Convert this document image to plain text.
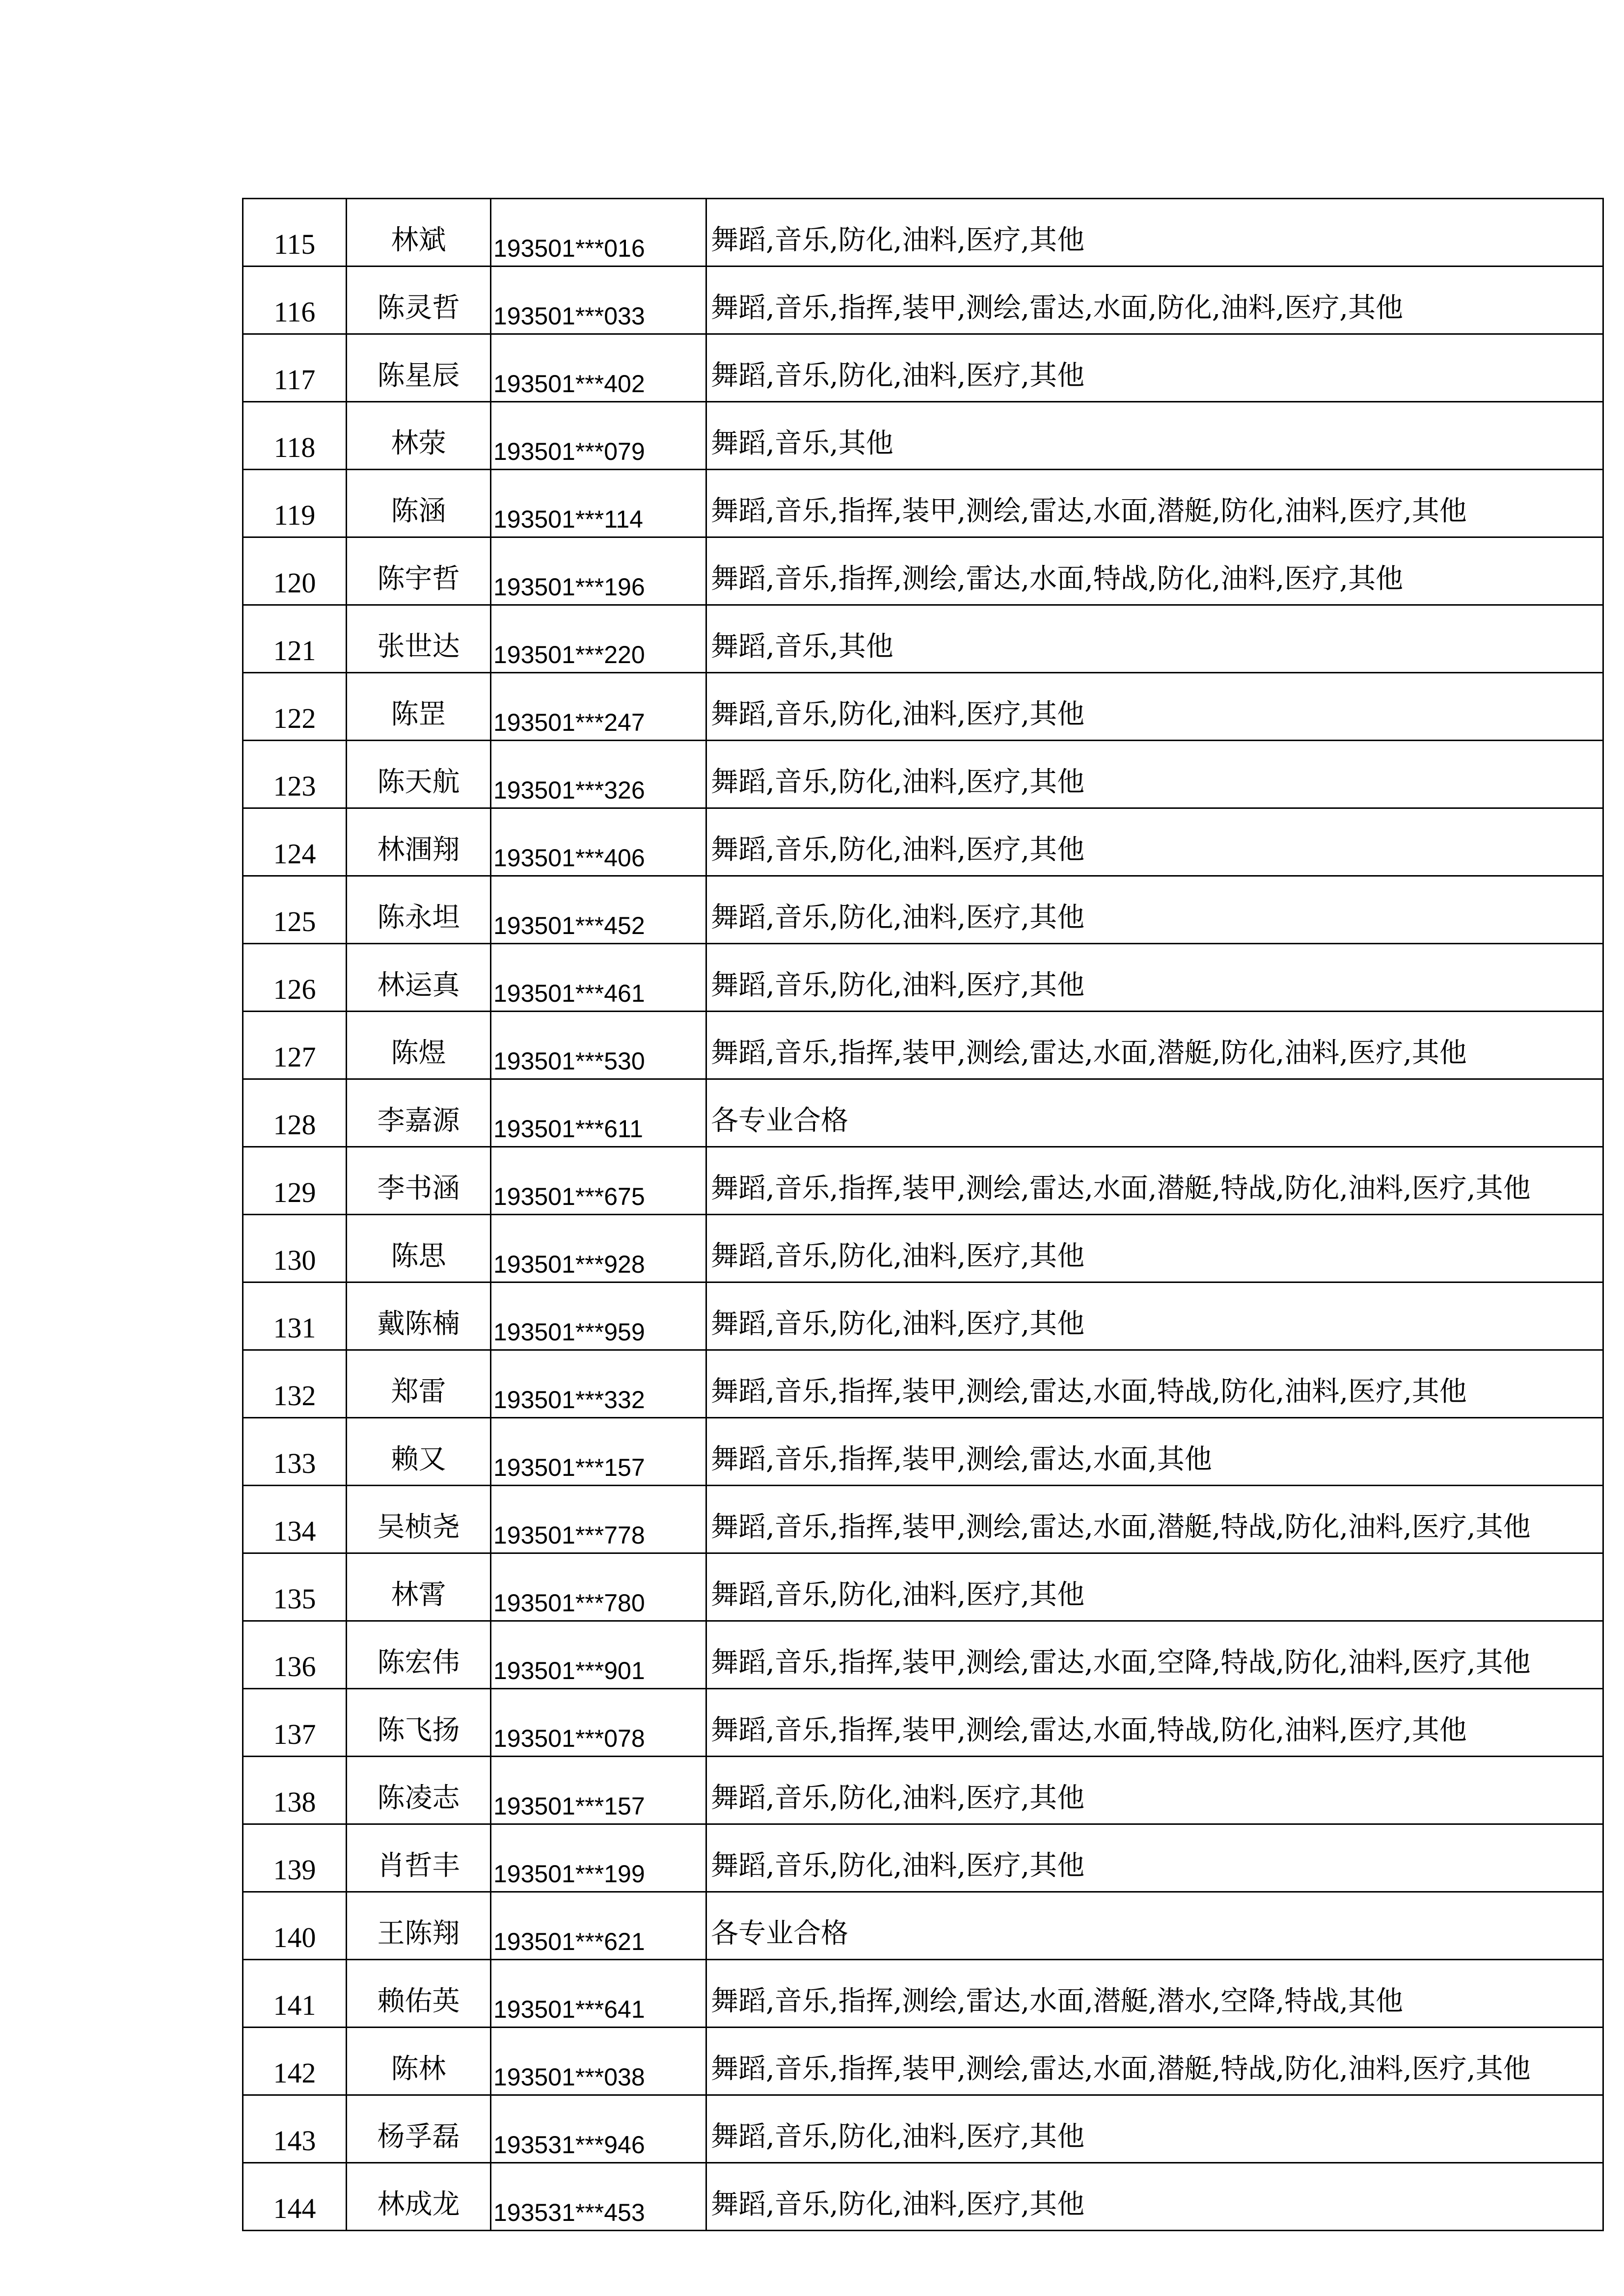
115	林斌	193501***016	舞蹈,音乐,防化,油料,医疗,其他
116	陈灵哲	193501***033	舞蹈,音乐,指挥,装甲,测绘,雷达,水面,防化,油料,医疗,其他
117	陈星辰	193501***402	舞蹈,音乐,防化,油料,医疗,其他
118	林荥	193501***079	舞蹈,音乐,其他
119	陈涵	193501***114	舞蹈,音乐,指挥,装甲,测绘,雷达,水面,潜艇,防化,油料,医疗,其他
120	陈宇哲	193501***196	舞蹈,音乐,指挥,测绘,雷达,水面,特战,防化,油料,医疗,其他
121	张世达	193501***220	舞蹈,音乐,其他
122	陈罡	193501***247	舞蹈,音乐,防化,油料,医疗,其他
123	陈天航	193501***326	舞蹈,音乐,防化,油料,医疗,其他
124	林涠翔	193501***406	舞蹈,音乐,防化,油料,医疗,其他
125	陈永坦	193501***452	舞蹈,音乐,防化,油料,医疗,其他
126	林运真	193501***461	舞蹈,音乐,防化,油料,医疗,其他
127	陈煜	193501***530	舞蹈,音乐,指挥,装甲,测绘,雷达,水面,潜艇,防化,油料,医疗,其他
128	李嘉源	193501***611	各专业合格
129	李书涵	193501***675	舞蹈,音乐,指挥,装甲,测绘,雷达,水面,潜艇,特战,防化,油料,医疗,其他
130	陈思	193501***928	舞蹈,音乐,防化,油料,医疗,其他
131	戴陈楠	193501***959	舞蹈,音乐,防化,油料,医疗,其他
132	郑雷	193501***332	舞蹈,音乐,指挥,装甲,测绘,雷达,水面,特战,防化,油料,医疗,其他
133	赖又	193501***157	舞蹈,音乐,指挥,装甲,测绘,雷达,水面,其他
134	吴桢尧	193501***778	舞蹈,音乐,指挥,装甲,测绘,雷达,水面,潜艇,特战,防化,油料,医疗,其他
135	林霄	193501***780	舞蹈,音乐,防化,油料,医疗,其他
136	陈宏伟	193501***901	舞蹈,音乐,指挥,装甲,测绘,雷达,水面,空降,特战,防化,油料,医疗,其他
137	陈飞扬	193501***078	舞蹈,音乐,指挥,装甲,测绘,雷达,水面,特战,防化,油料,医疗,其他
138	陈凌志	193501***157	舞蹈,音乐,防化,油料,医疗,其他
139	肖哲丰	193501***199	舞蹈,音乐,防化,油料,医疗,其他
140	王陈翔	193501***621	各专业合格
141	赖佑英	193501***641	舞蹈,音乐,指挥,测绘,雷达,水面,潜艇,潜水,空降,特战,其他
142	陈林	193501***038	舞蹈,音乐,指挥,装甲,测绘,雷达,水面,潜艇,特战,防化,油料,医疗,其他
143	杨孚磊	193531***946	舞蹈,音乐,防化,油料,医疗,其他
144	林成龙	193531***453	舞蹈,音乐,防化,油料,医疗,其他
